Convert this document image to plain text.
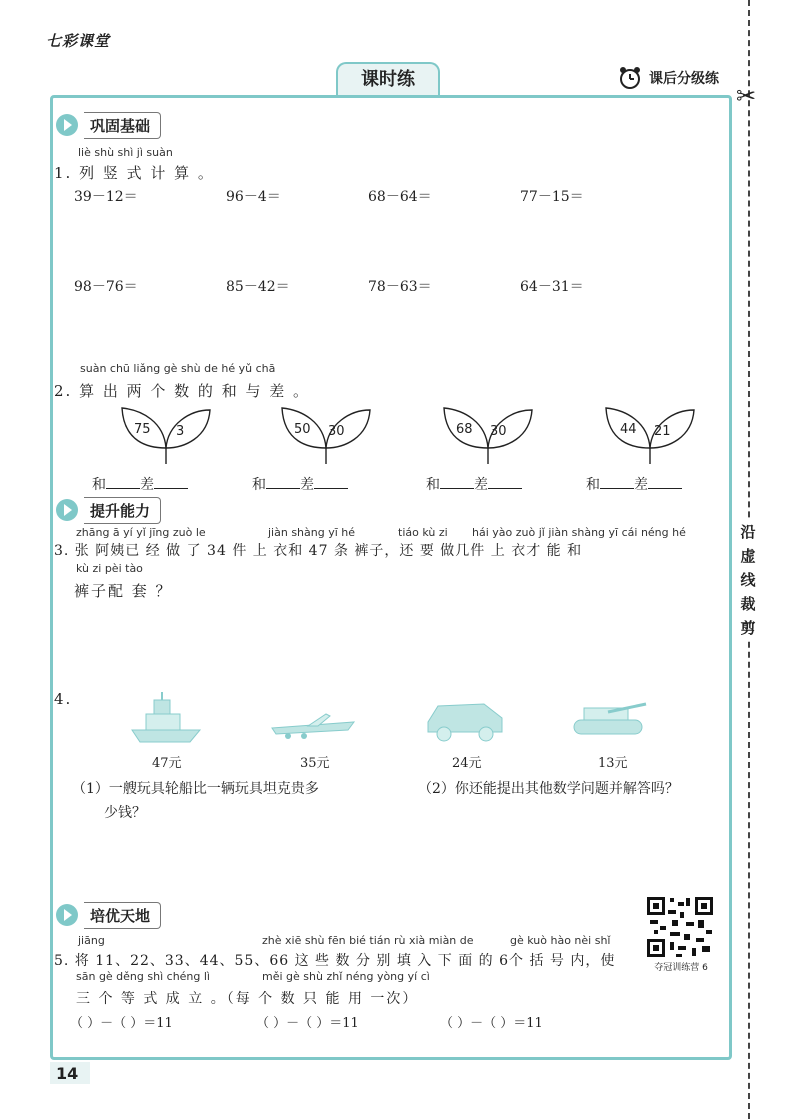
七彩课堂
课时练	课后分级练
✂
沿
虚
线
裁
剪
巩固基础
liè shù shì jì suàn
1. 列 竖 式 计 算 。
39－12＝	96－4＝	68－64＝	77－15＝
98－76＝	85－42＝	78－63＝	64－31＝
suàn chū liǎng gè shù de hé yǔ chā
2. 算 出 两 个 数 的 和 与 差 。
75 3	50 30	68 30	44 21
和 差	和 差	和 差	和 差
提升能力
zhāng ā yí yǐ jīng zuò le	jiàn shàng yī hé	tiáo kù zi hái yào zuò jǐ jiàn shàng yī cái néng hé
3. 张 阿姨已 经 做 了 34 件 上 衣和 47 条 裤子，还 要 做几件 上 衣才 能 和
kù zi pèi tào
裤子配 套 ？
4.
47元	35元	24元	13元
（1）一艘玩具轮船比一辆玩具坦克贵多
少钱？
（2）你还能提出其他数学问题并解答吗？
培优天地
夺冠训练营 6
jiāng	zhè xiē shù fēn bié tián rù xià miàn de	gè kuò hào nèi shǐ
5. 将 11、22、33、44、55、66 这 些 数 分 别 填 入 下 面 的 6个 括 号 内，使
sān gè děng shì chéng lì	měi gè shù zhǐ néng yòng yí cì
三 个 等 式 成 立 。（每 个 数 只 能 用 一次）
（ ）－（ ）＝11	（ ）－（ ）＝11	（ ）－（ ）＝11
14
